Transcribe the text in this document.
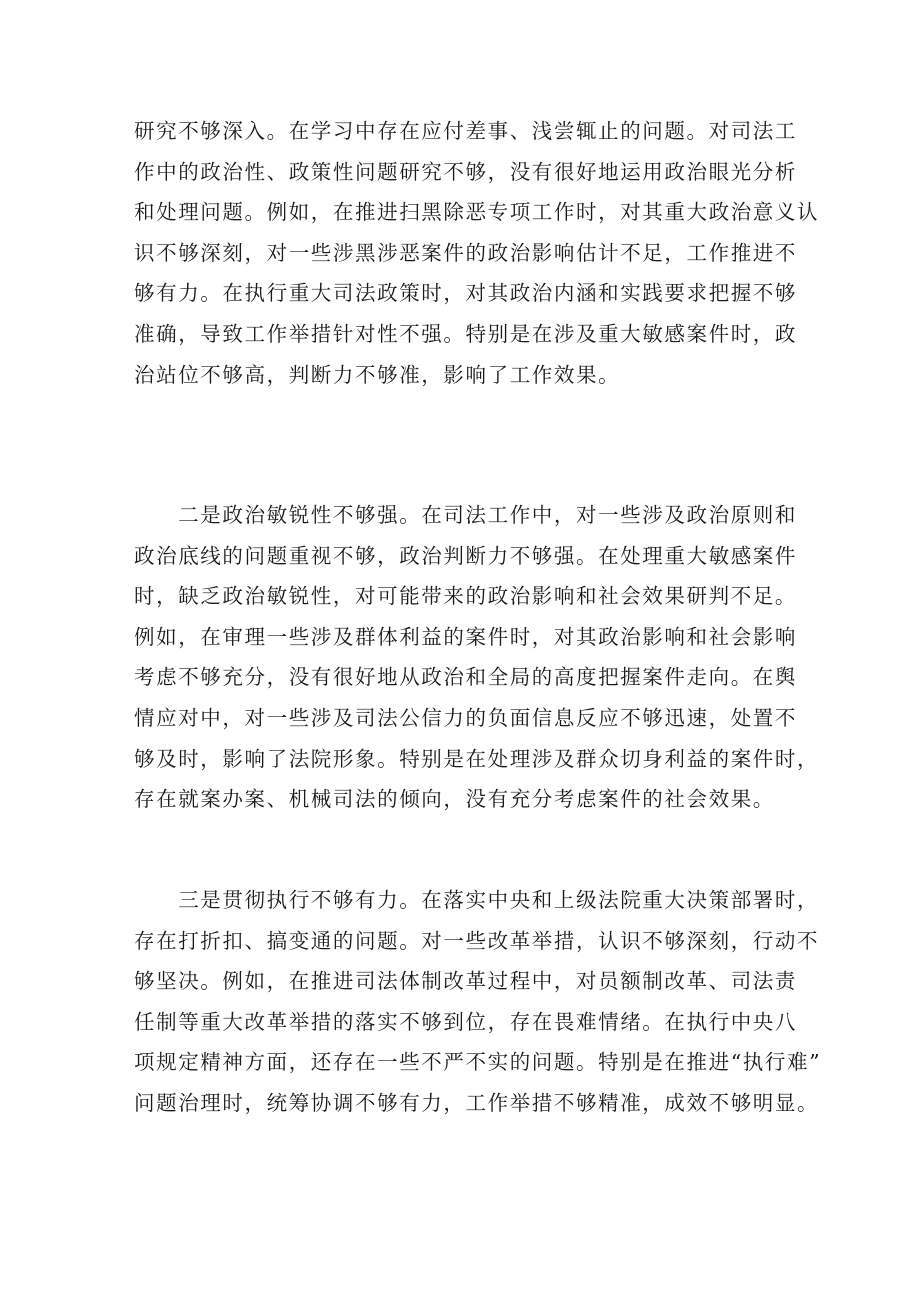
研究不够深入。在学习中存在应付差事、浅尝辄止的问题。对司法工
作中的政治性、政策性问题研究不够，没有很好地运用政治眼光分析
和处理问题。例如，在推进扫黑除恶专项工作时，对其重大政治意义认
识不够深刻，对一些涉黑涉恶案件的政治影响估计不足，工作推进不
够有力。在执行重大司法政策时，对其政治内涵和实践要求把握不够
准确，导致工作举措针对性不强。特别是在涉及重大敏感案件时，政
治站位不够高，判断力不够准，影响了工作效果。
　　二是政治敏锐性不够强。在司法工作中，对一些涉及政治原则和
政治底线的问题重视不够，政治判断力不够强。在处理重大敏感案件
时，缺乏政治敏锐性，对可能带来的政治影响和社会效果研判不足。
例如，在审理一些涉及群体利益的案件时，对其政治影响和社会影响
考虑不够充分，没有很好地从政治和全局的高度把握案件走向。在舆
情应对中，对一些涉及司法公信力的负面信息反应不够迅速，处置不
够及时，影响了法院形象。特别是在处理涉及群众切身利益的案件时，
存在就案办案、机械司法的倾向，没有充分考虑案件的社会效果。
　　三是贯彻执行不够有力。在落实中央和上级法院重大决策部署时，
存在打折扣、搞变通的问题。对一些改革举措，认识不够深刻，行动不
够坚决。例如，在推进司法体制改革过程中，对员额制改革、司法责
任制等重大改革举措的落实不够到位，存在畏难情绪。在执行中央八
项规定精神方面，还存在一些不严不实的问题。特别是在推进“执行难”
问题治理时，统筹协调不够有力，工作举措不够精准，成效不够明显。
